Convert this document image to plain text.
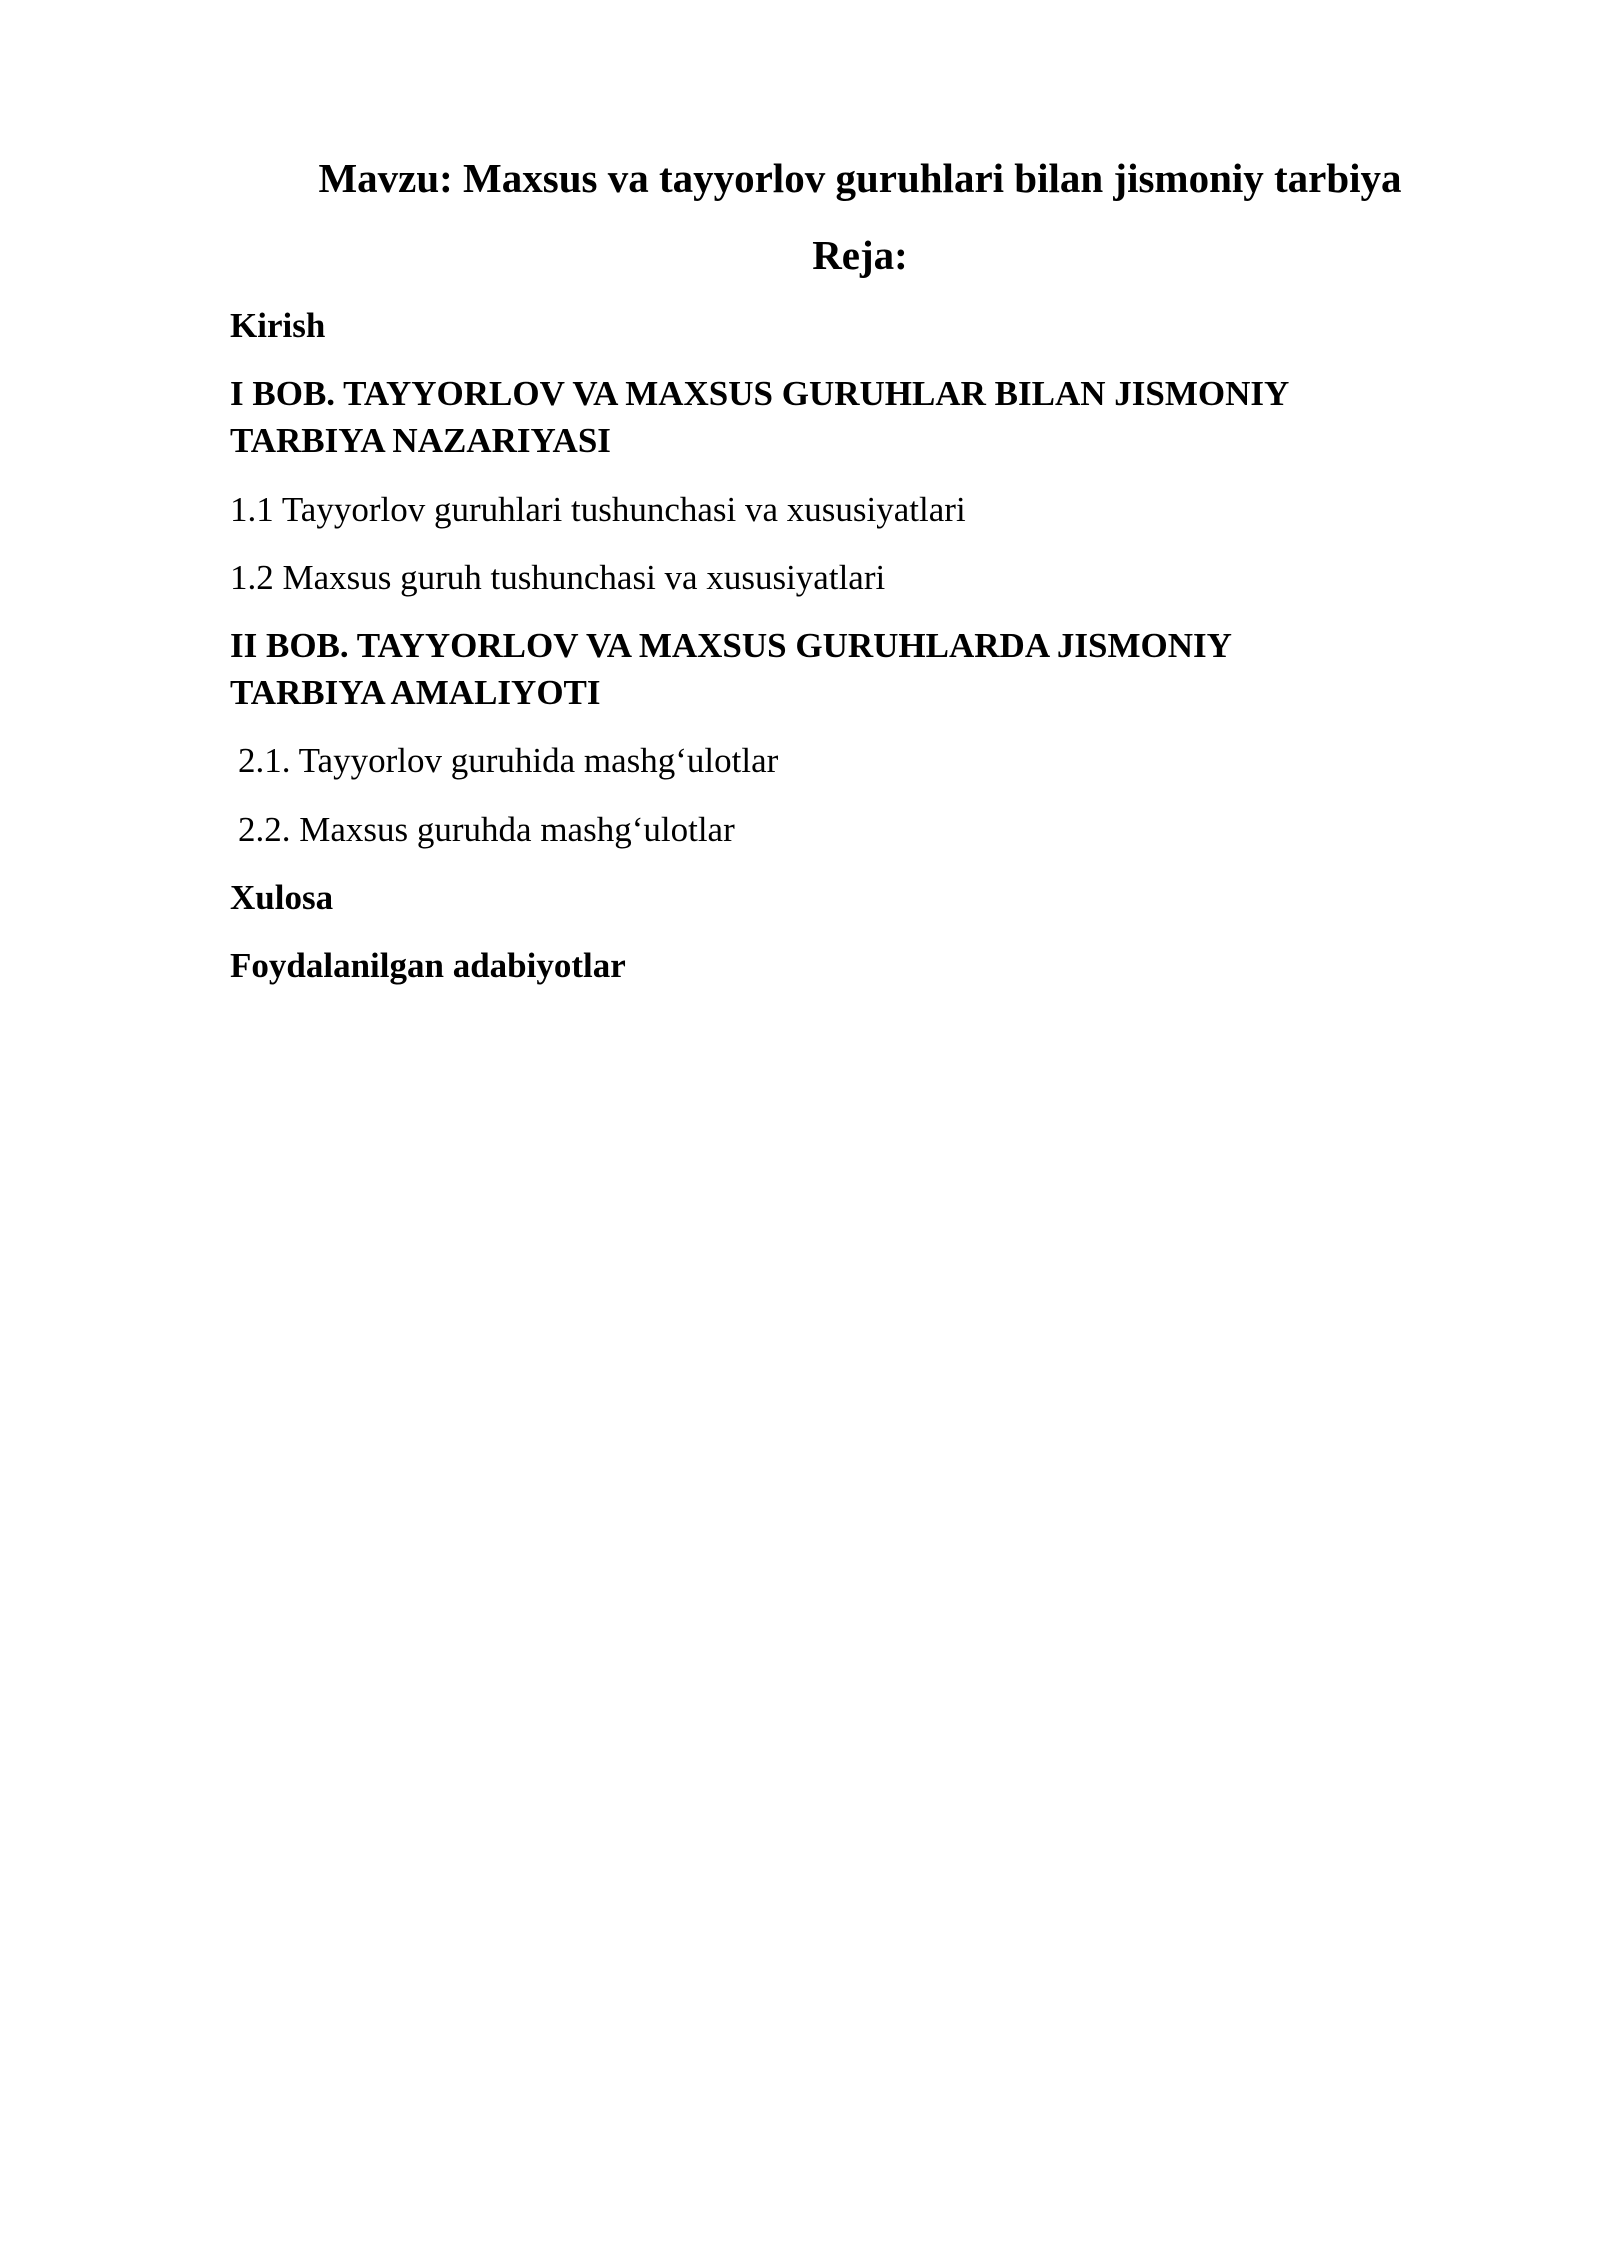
Mavzu: Maxsus va tayyorlov guruhlari bilan jismoniy tarbiya
Reja:

Kirish

I BOB. TAYYORLOV VA MAXSUS GURUHLAR BILAN JISMONIY

TARBIYA NAZARIYASI

1.1 Tayyorlov guruhlari tushunchasi va xususiyatlari

1.2 Maxsus guruh tushunchasi va xususiyatlari

II BOB. TAYYORLOV VA MAXSUS GURUHLARDA JISMONIY

TARBIYA AMALIYOTI

2.1. Tayyorlov guruhida mashg‘ulotlar

2.2. Maxsus guruhda mashg‘ulotlar

Xulosa

Foydalanilgan adabiyotlar
